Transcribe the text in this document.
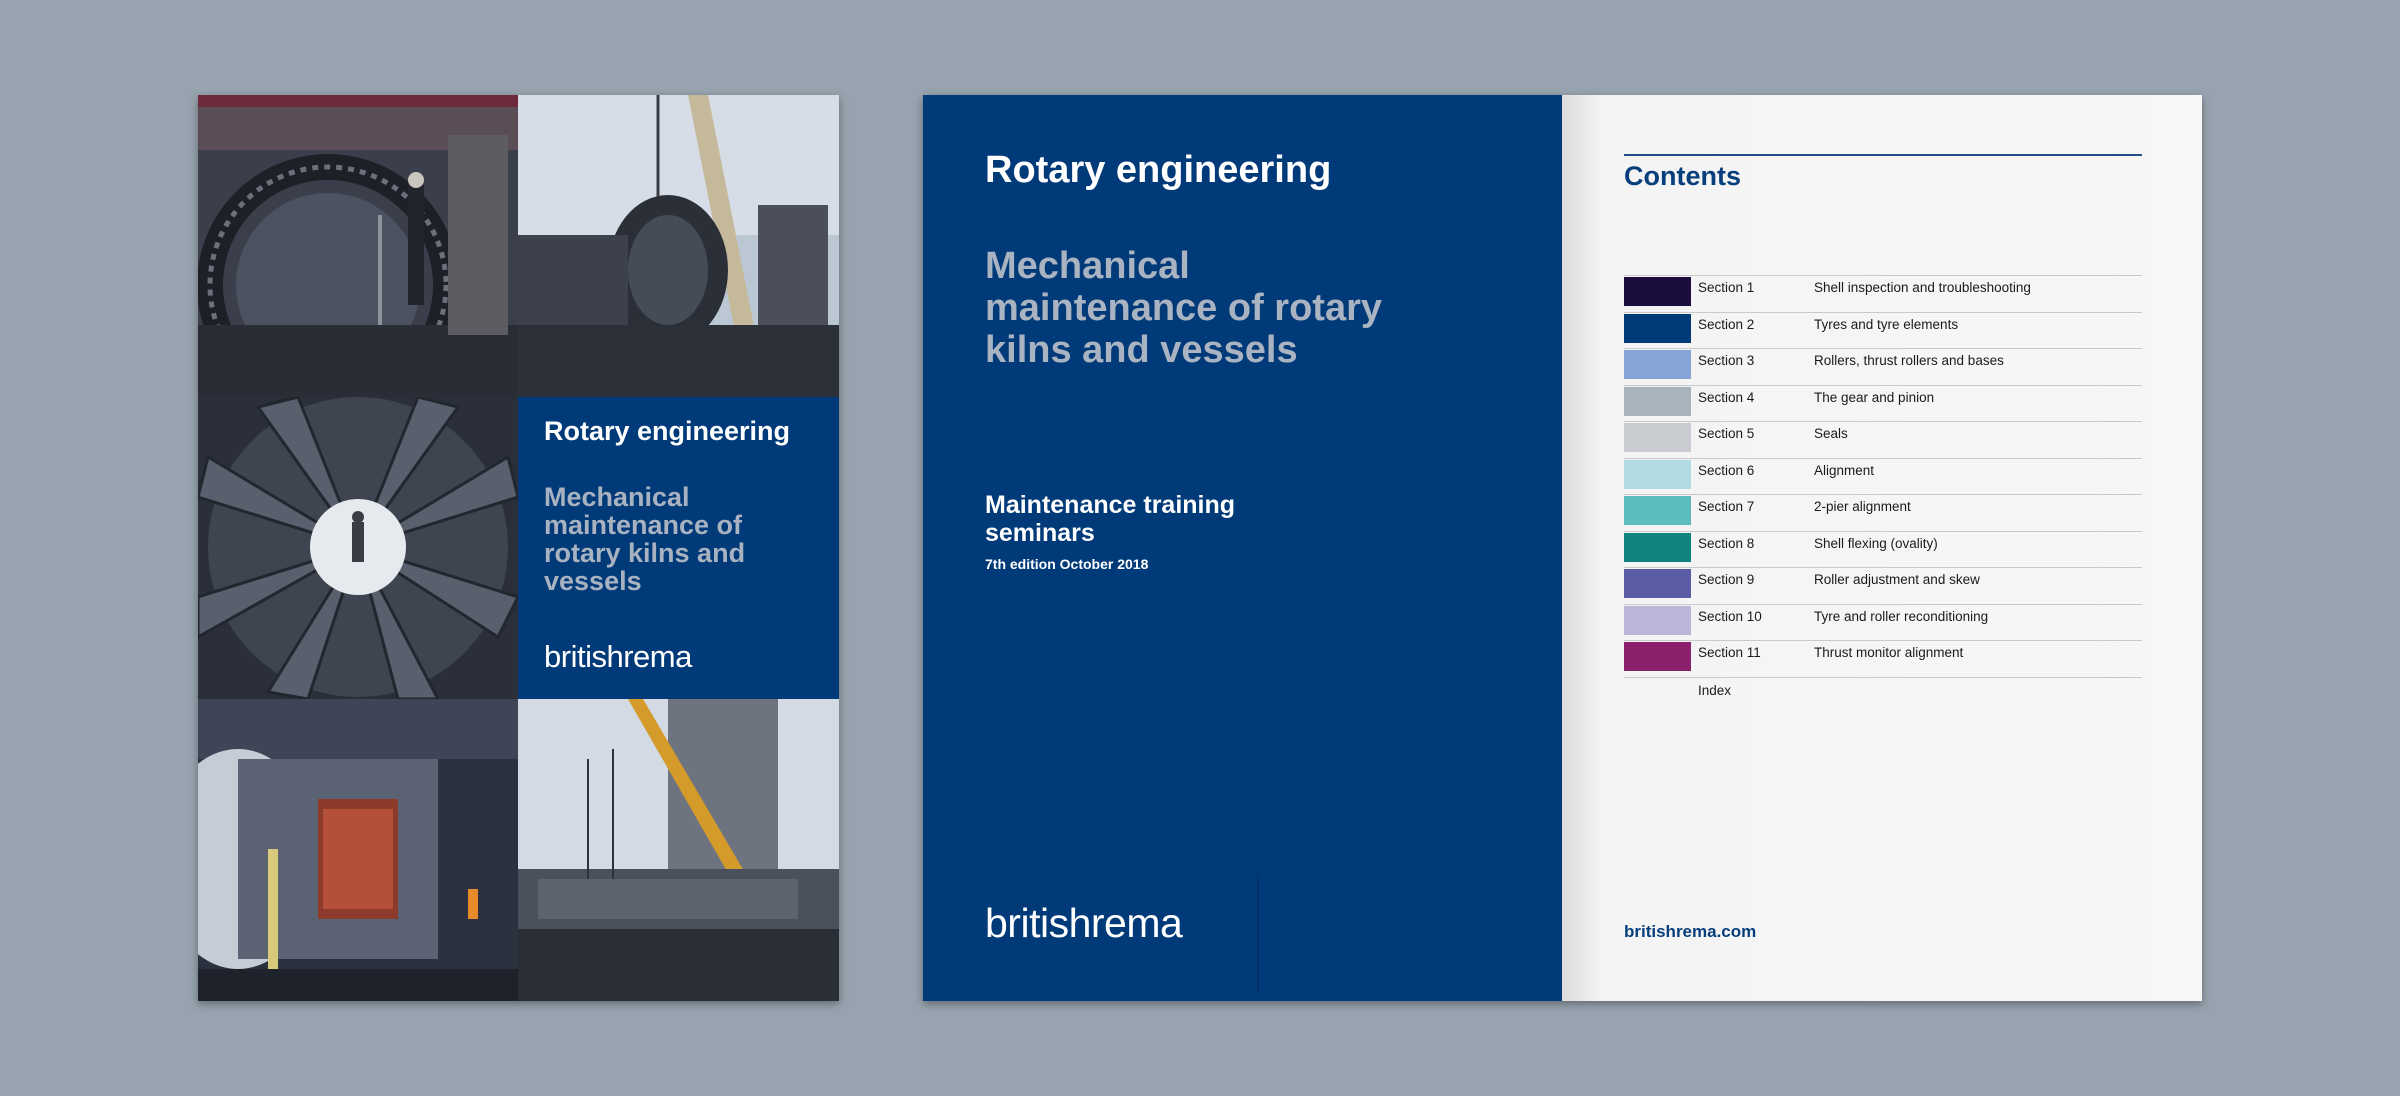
Rotary engineering
Mechanical maintenance of rotary kilns and vessels
britishrema
Rotary engineering
Mechanical maintenance of rotary kilns and vessels
Maintenance training seminars
7th edition October 2018
britishrema
Contents
Section 1	Shell inspection and troubleshooting
Section 2	Tyres and tyre elements
Section 3	Rollers, thrust rollers and bases
Section 4	The gear and pinion
Section 5	Seals
Section 6	Alignment
Section 7	2-pier alignment
Section 8	Shell flexing (ovality)
Section 9	Roller adjustment and skew
Section 10	Tyre and roller reconditioning
Section 11	Thrust monitor alignment
Index
britishrema.com
